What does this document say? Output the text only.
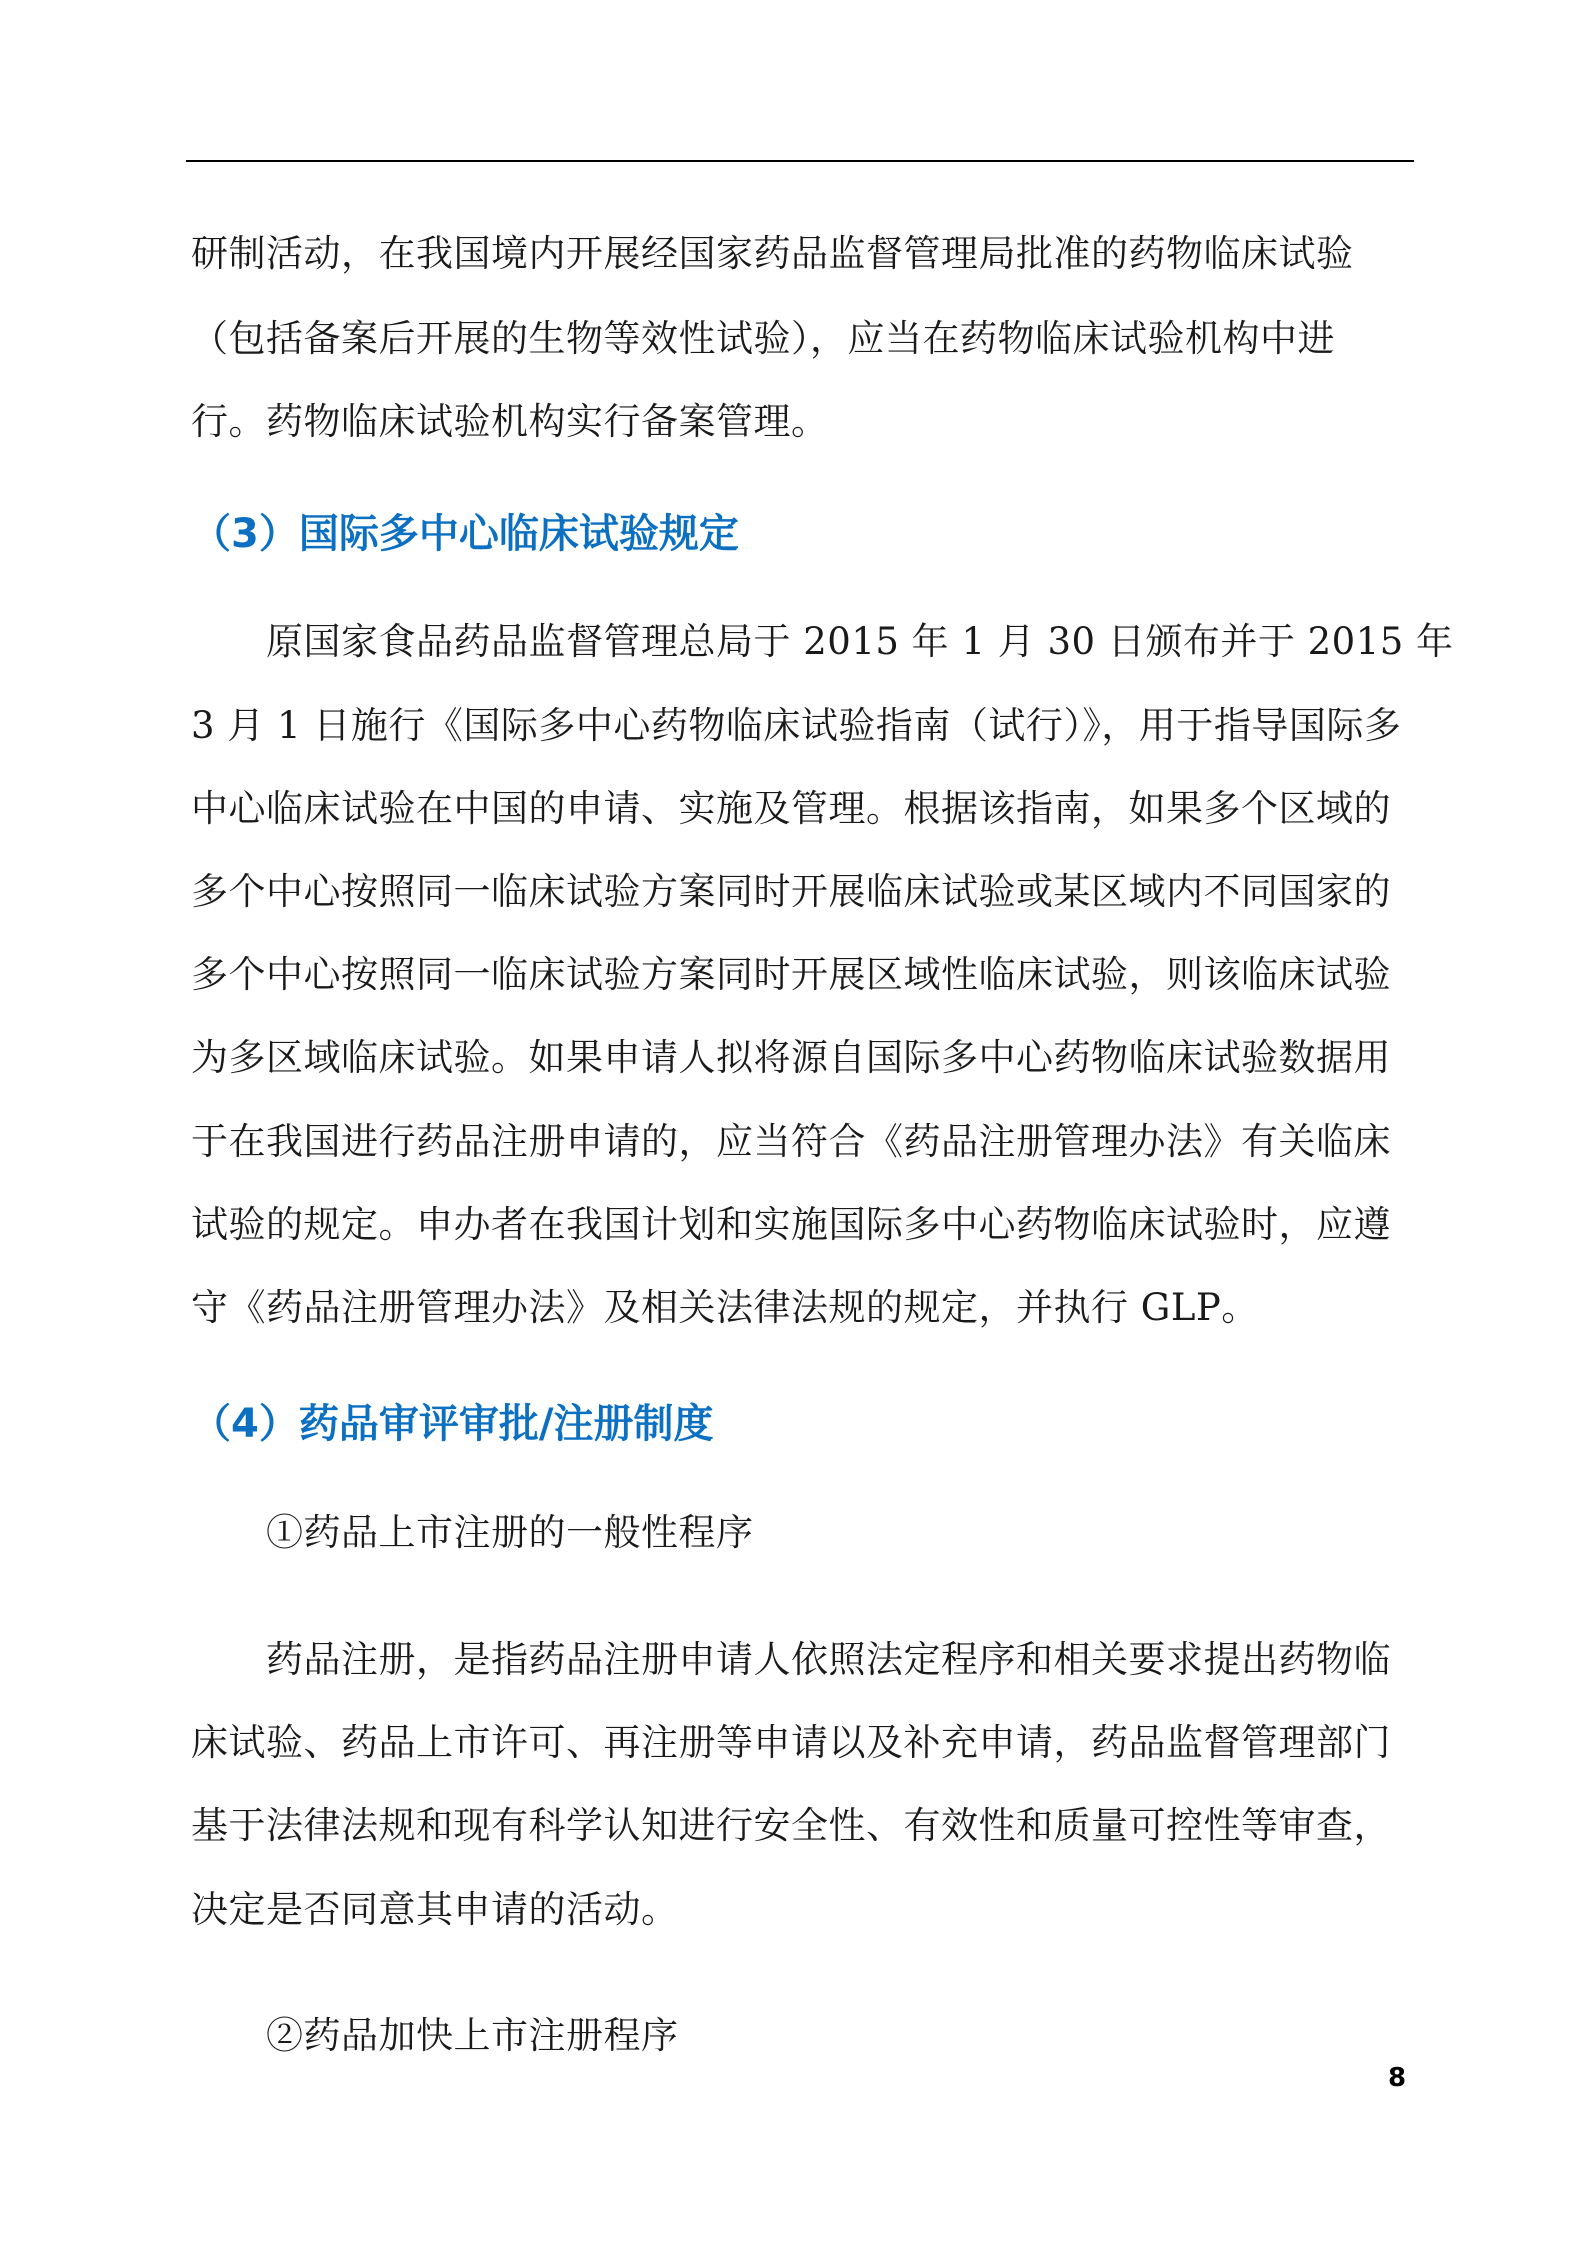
研制活动，在我国境内开展经国家药品监督管理局批准的药物临床试验
（包括备案后开展的生物等效性试验），应当在药物临床试验机构中进
行。药物临床试验机构实行备案管理。
（3）国际多中心临床试验规定
原国家食品药品监督管理总局于 2015 年 1 月 30 日颁布并于 2015 年
3 月 1 日施行《国际多中心药物临床试验指南（试行）》，用于指导国际多
中心临床试验在中国的申请、实施及管理。根据该指南，如果多个区域的
多个中心按照同一临床试验方案同时开展临床试验或某区域内不同国家的
多个中心按照同一临床试验方案同时开展区域性临床试验，则该临床试验
为多区域临床试验。如果申请人拟将源自国际多中心药物临床试验数据用
于在我国进行药品注册申请的，应当符合《药品注册管理办法》有关临床
试验的规定。申办者在我国计划和实施国际多中心药物临床试验时，应遵
守《药品注册管理办法》及相关法律法规的规定，并执行 GLP。
（4）药品审评审批/注册制度
①药品上市注册的一般性程序
药品注册，是指药品注册申请人依照法定程序和相关要求提出药物临
床试验、药品上市许可、再注册等申请以及补充申请，药品监督管理部门
基于法律法规和现有科学认知进行安全性、有效性和质量可控性等审查，
决定是否同意其申请的活动。
②药品加快上市注册程序
8
